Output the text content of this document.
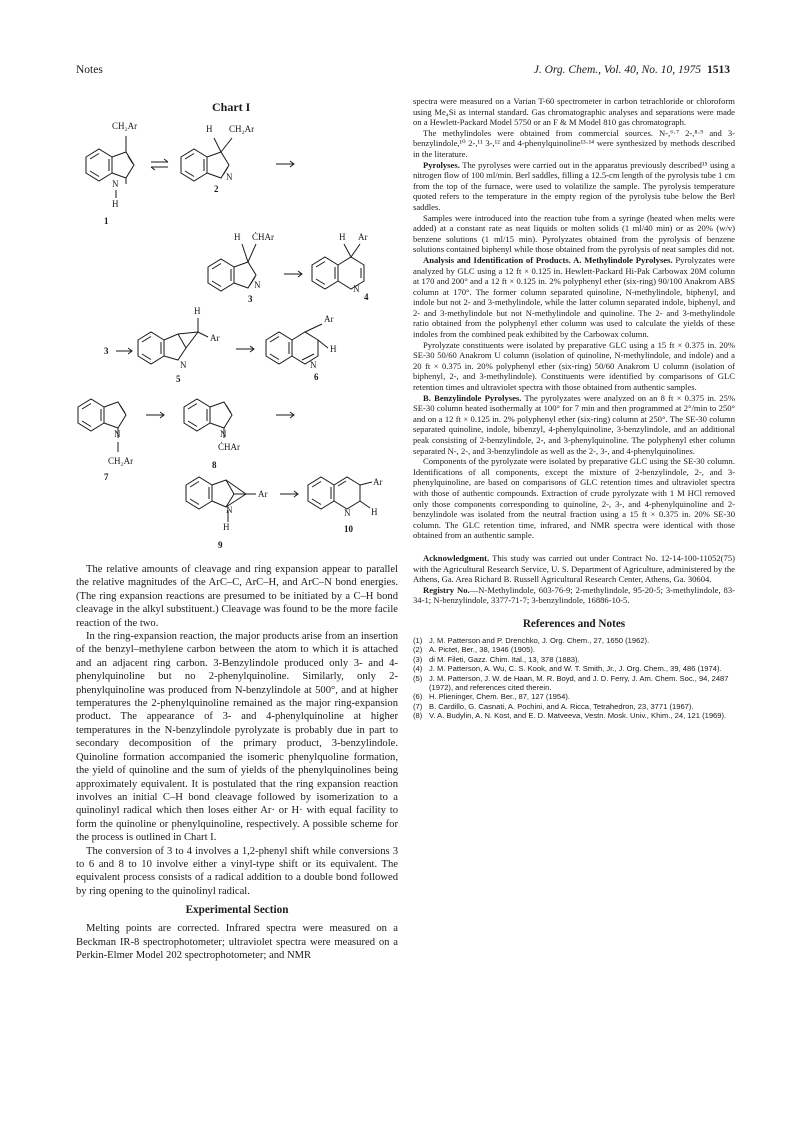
Notes	J. Org. Chem., Vol. 40, No. 10, 1975 1513
Chart I
CH₂Ar
N
H
1
H CH₂Ar
N
2
H ĊHAr
N
3
H Ar
N
4
3
H
Ar
N
5
Ar
H
N
6
N
CH₂Ar
7
N
ĊHAr
8
Ar
N
H
9
Ar
N H
10

The relative amounts of cleavage and ring expansion appear to parallel the relative magnitudes of the ArC–C, ArC–H, and ArC–N bond energies. (The ring expansion reactions are presumed to be initiated by a C–H bond cleavage in the alkyl substituent.) Cleavage was found to be the more facile reaction of the two.

In the ring-expansion reaction, the major products arise from an insertion of the benzyl–methylene carbon between the atom to which it is attached and an adjacent ring carbon. 3-Benzylindole produced only 3- and 4-phenylquinoline but no 2-phenylquinoline. Similarly, only 2-phenylquinoline was produced from N-benzylindole at 500°, and at higher temperatures the 2-phenylquinoline remained as the major ring-expansion product. The appearance of 3- and 4-phenylquinoline at higher temperatures in the N-benzylindole pyrolyzate is probably due in part to secondary decomposition of the primary product, 3-benzylindole. Quinoline formation accompanied the isomeric phenylquoline formation, the yield of quinoline and the sum of yields of the phenylquinolines being approximately equivalent. It is postulated that the ring expansion reaction involves an initial C–H bond cleavage followed by isomerization to a quinolinyl radical which then loses either Ar· or H· with equal facility to form the quinoline or phenylquinoline, respectively. A possible scheme for the process is outlined in Chart I.

The conversion of 3 to 4 involves a 1,2-phenyl shift while conversions 3 to 6 and 8 to 10 involve either a vinyl-type shift or its equivalent. The equivalent process consists of a radical addition to a double bond followed by ring opening to the quinolinyl radical.

Experimental Section

Melting points are corrected. Infrared spectra were measured on a Beckman IR-8 spectrophotometer; ultraviolet spectra were measured on a Perkin-Elmer Model 202 spectrophotometer; and NMR

spectra were measured on a Varian T-60 spectrometer in carbon tetrachloride or chloroform using Me₄Si as internal standard. Gas chromatographic analyses and separations were made on a Hewlett-Packard Model 5750 or an F & M Model 810 gas chromatograph.

The methylindoles were obtained from commercial sources. N-,⁶·⁷ 2-,⁸·⁹ and 3-benzylindole,¹⁰ 2-,¹¹ 3-,¹² and 4-phenylquinoline¹³·¹⁴ were synthesized by methods described in the literature.

Pyrolyses. The pyrolyses were carried out in the apparatus previously described¹⁵ using a nitrogen flow of 100 ml/min. Berl saddles, filling a 12.5-cm length of the pyrolysis tube 1 cm from the top of the furnace, were used to volatilize the sample. The pyrolysis temperature quoted refers to the temperature in the empty region of the pyrolysis tube below the Berl saddles.

Samples were introduced into the reaction tube from a syringe (heated when melts were added) at a constant rate as neat liquids or molten solids (1 ml/40 min) or as 20% (w/v) benzene solutions (1 ml/15 min). Pyrolyzates obtained from the pyrolysis of benzene solutions contained biphenyl while those obtained from the pyrolysis of neat samples did not.

Analysis and Identification of Products. A. Methylindole Pyrolyses. Pyrolyzates were analyzed by GLC using a 12 ft × 0.125 in. Hewlett-Packard Hi-Pak Carbowax 20M column at 170 and 200° and a 12 ft × 0.125 in. 2% polyphenyl ether (six-ring) 90/100 Anakrom ABS column at 170°. The former column separated quinoline, N-methylindole, biphenyl, and indole but not 2- and 3-methylindole, while the latter column separated indole, biphenyl, and 2- and 3-methylindole but not N-methylindole and quinoline. The 2- and 3-methylindole ratio obtained from the polyphenyl ether column was used to calculate the yields of these indoles from the combined peak exhibited by the Carbowax column.

Pyrolyzate constituents were isolated by preparative GLC using a 15 ft × 0.375 in. 20% SE-30 50/60 Anakrom U column (isolation of quinoline, N-methylindole, and indole) and a 20 ft × 0.375 in. 20% polyphenyl ether (six-ring) 50/60 Anakrom U column (isolation of biphenyl, 2-, and 3-methylindole). Constituents were identified by comparisons of GLC retention times and ultraviolet spectra with those obtained from authentic samples.

B. Benzylindole Pyrolyses. The pyrolyzates were analyzed on an 8 ft × 0.375 in. 25% SE-30 column heated isothermally at 100° for 7 min and then programmed at 2°/min to 250° and on a 12 ft × 0.125 in. 2% polyphenyl ether (six-ring) column at 250°. The SE-30 column separated quinoline, indole, bibenzyl, 4-phenylquinoline, 3-benzylindole, and an additional peak consisting of 2-benzylindole, 2-, and 3-phenylquinoline. The polyphenyl ether column separated N-, 2-, and 3-benzylindole as well as the 2-, 3-, and 4-phenylquinolines.

Components of the pyrolyzate were isolated by preparative GLC using the SE-30 column. Identifications of all components, except the mixture of 2-benzylindole, 2-, and 3-phenylquinoline, are based on comparisons of GLC retention times and ultraviolet spectra with those of authentic compounds. Extraction of crude pyrolyzate with 1 M HCl removed only those components corresponding to quinoline, 2-, 3-, and 4-phenylquinoline and 2-benzylindole was isolated from the neutral fraction using a 15 ft × 0.375 in. 20% SE-30 column. The GLC retention time, infrared, and NMR spectra were identical with those obtained from an authentic sample.

Acknowledgment. This study was carried out under Contract No. 12-14-100-11052(75) with the Agricultural Research Service, U. S. Department of Agriculture, administered by the Athens, Ga. Area Richard B. Russell Agricultural Research Center, Athens, Ga. 30604.

Registry No.—N-Methylindole, 603-76-9; 2-methylindole, 95-20-5; 3-methylindole, 83-34-1; N-benzylindole, 3377-71-7; 3-benzylindole, 16886-10-5.

References and Notes
(1) J. M. Patterson and P. Drenchko, J. Org. Chem., 27, 1650 (1962).
(2) A. Pictet, Ber., 38, 1946 (1905).
(3) di M. Fileti, Gazz. Chim. Ital., 13, 378 (1883).
(4) J. M. Patterson, A. Wu, C. S. Kook, and W. T. Smith, Jr., J. Org. Chem., 39, 486 (1974).
(5) J. M. Patterson, J. W. de Haan, M. R. Boyd, and J. D. Ferry, J. Am. Chem. Soc., 94, 2487 (1972), and references cited therein.
(6) H. Plieninger, Chem. Ber., 87, 127 (1954).
(7) B. Cardillo, G. Casnati, A. Pochini, and A. Ricca, Tetrahedron, 23, 3771 (1967).
(8) V. A. Budylin, A. N. Kost, and E. D. Matveeva, Vestn. Mosk. Univ., Khim., 24, 121 (1969).
